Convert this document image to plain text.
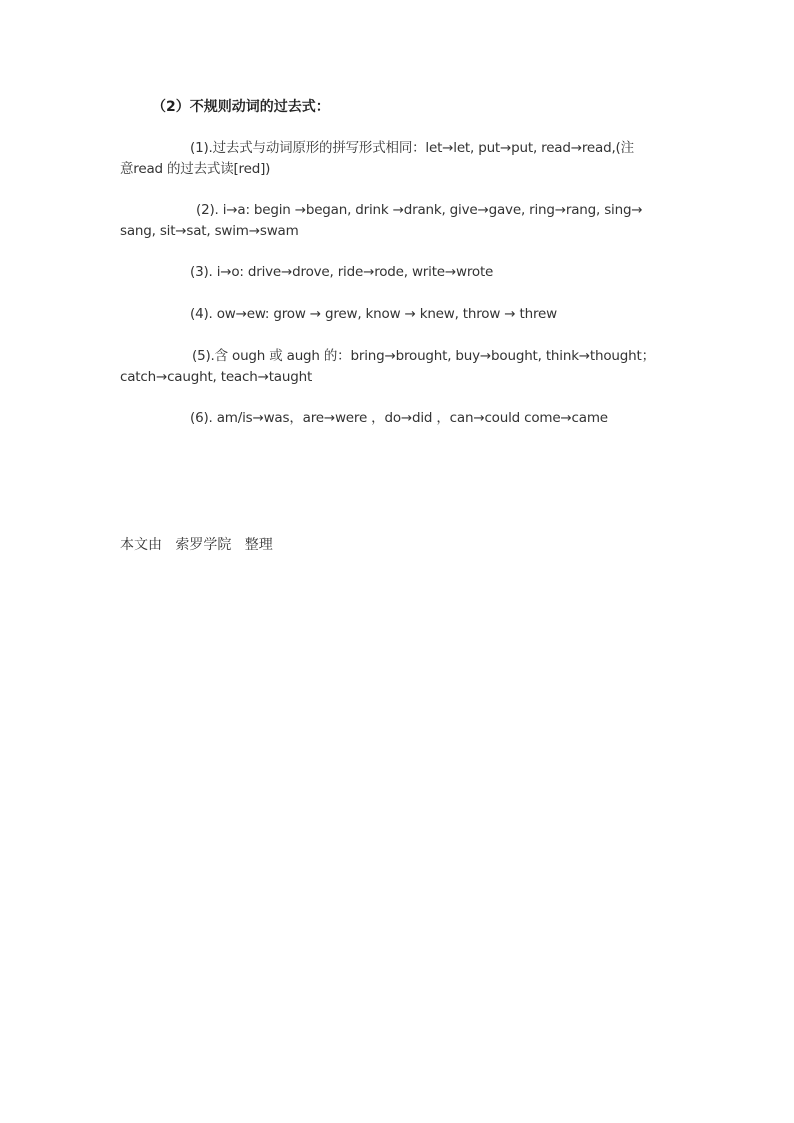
（2）不规则动词的过去式：
(1).过去式与动词原形的拼写形式相同：let→let, put→put, read→read,(注
意read 的过去式读[red])
(2). i→a: begin →began, drink →drank, give→gave, ring→rang, sing→
sang, sit→sat, swim→swam
(3). i→o: drive→drove, ride→rode, write→wrote
(4). ow→ew: grow → grew, know → knew, throw → threw
(5).含 ough 或 augh 的：bring→brought, buy→bought, think→thought；
catch→caught, teach→taught
(6). am/is→was，are→were ，do→did ，can→could come→came
本文由   索罗学院   整理
